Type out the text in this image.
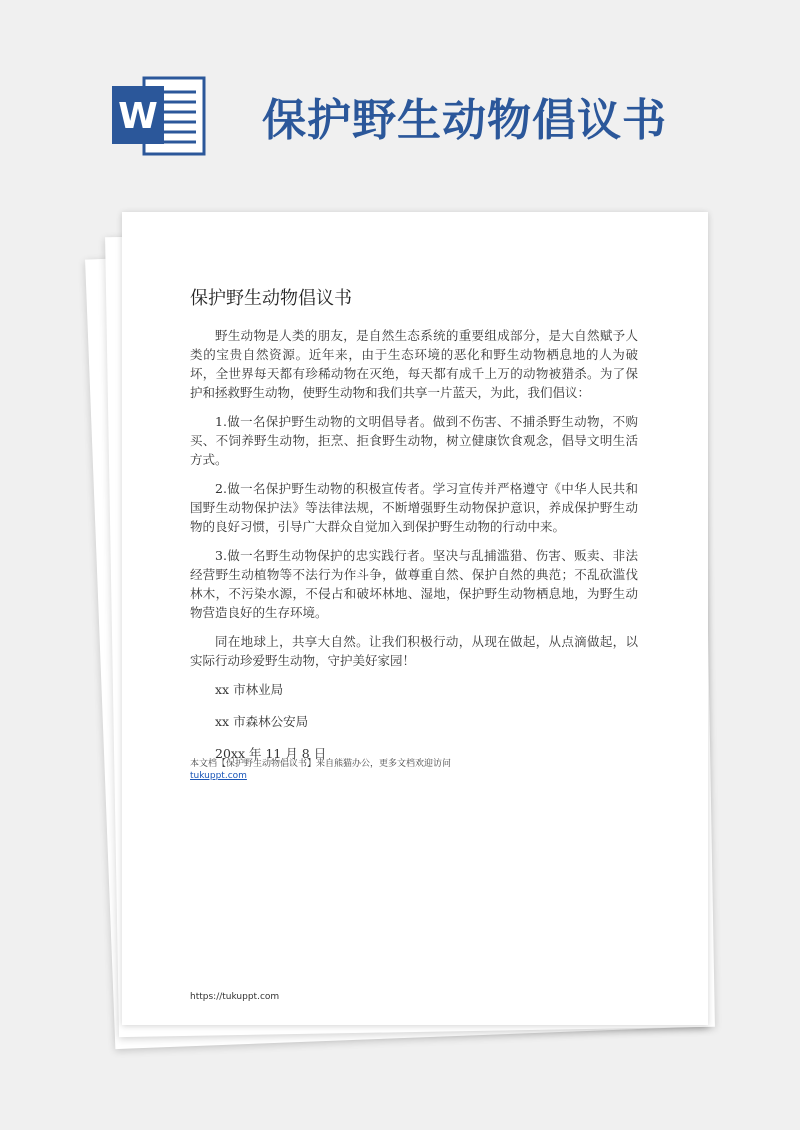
W 保护野生动物倡议书
保护野生动物倡议书

野生动物是人类的朋友，是自然生态系统的重要组成部分，是大自然赋予人类的宝贵自然资源。近年来，由于生态环境的恶化和野生动物栖息地的人为破坏，全世界每天都有珍稀动物在灭绝，每天都有成千上万的动物被猎杀。为了保护和拯救野生动物，使野生动物和我们共享一片蓝天，为此，我们倡议：

1.做一名保护野生动物的文明倡导者。做到不伤害、不捕杀野生动物，不购买、不饲养野生动物，拒烹、拒食野生动物，树立健康饮食观念，倡导文明生活方式。

2.做一名保护野生动物的积极宣传者。学习宣传并严格遵守《中华人民共和国野生动物保护法》等法律法规，不断增强野生动物保护意识，养成保护野生动物的良好习惯，引导广大群众自觉加入到保护野生动物的行动中来。

3.做一名野生动物保护的忠实践行者。坚决与乱捕滥猎、伤害、贩卖、非法经营野生动植物等不法行为作斗争，做尊重自然、保护自然的典范；不乱砍滥伐林木，不污染水源，不侵占和破坏林地、湿地，保护野生动物栖息地，为野生动物营造良好的生存环境。

同在地球上，共享大自然。让我们积极行动，从现在做起，从点滴做起，以实际行动珍爱野生动物，守护美好家园！

xx 市林业局

xx 市森林公安局

20xx 年 11 月 8 日

本文档【保护野生动物倡议书】来自熊猫办公，更多文档欢迎访问
tukuppt.com
https://tukuppt.com
